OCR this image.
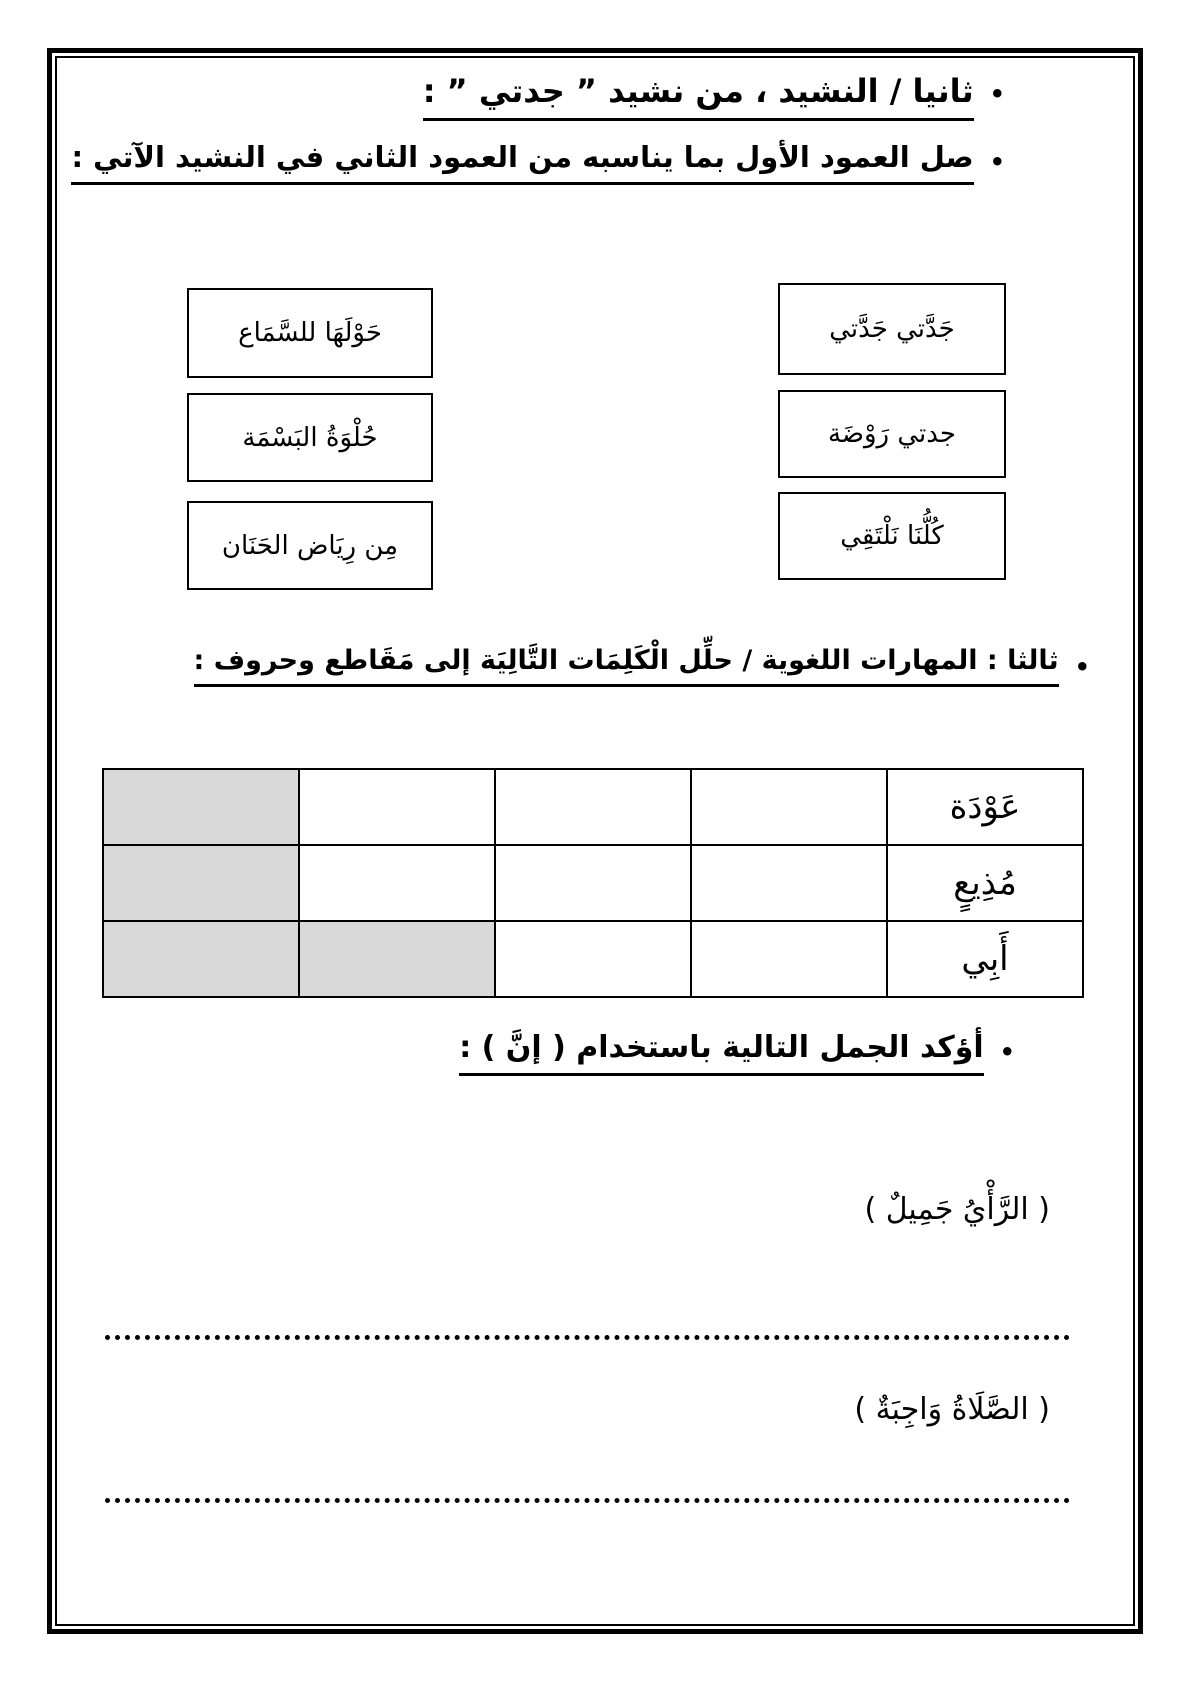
•
ثانيا / النشيد ، من نشيد ” جدتي ” :
•
صل العمود الأول بما يناسبه من العمود الثاني في النشيد الآتي :
جَدَّتي جَدَّتي
جدتي رَوْضَة
كُلُّنَا نَلْتَقِي
حَوْلَهَا للسَّمَاع
حُلْوَةُ البَسْمَة
مِن رِيَاض الحَنَان
•
ثالثا : المهارات اللغوية / حلِّل الْكَلِمَات التَّالِيَة إلى مَقَاطع وحروف :
عَوْدَة				
مُذِيعٍ				
أَبِي				
•
أؤكد الجمل التالية باستخدام ( إنَّ ) :
( الرَّأْيُ جَمِيلٌ )
( الصَّلَاةُ وَاجِبَةٌ )
